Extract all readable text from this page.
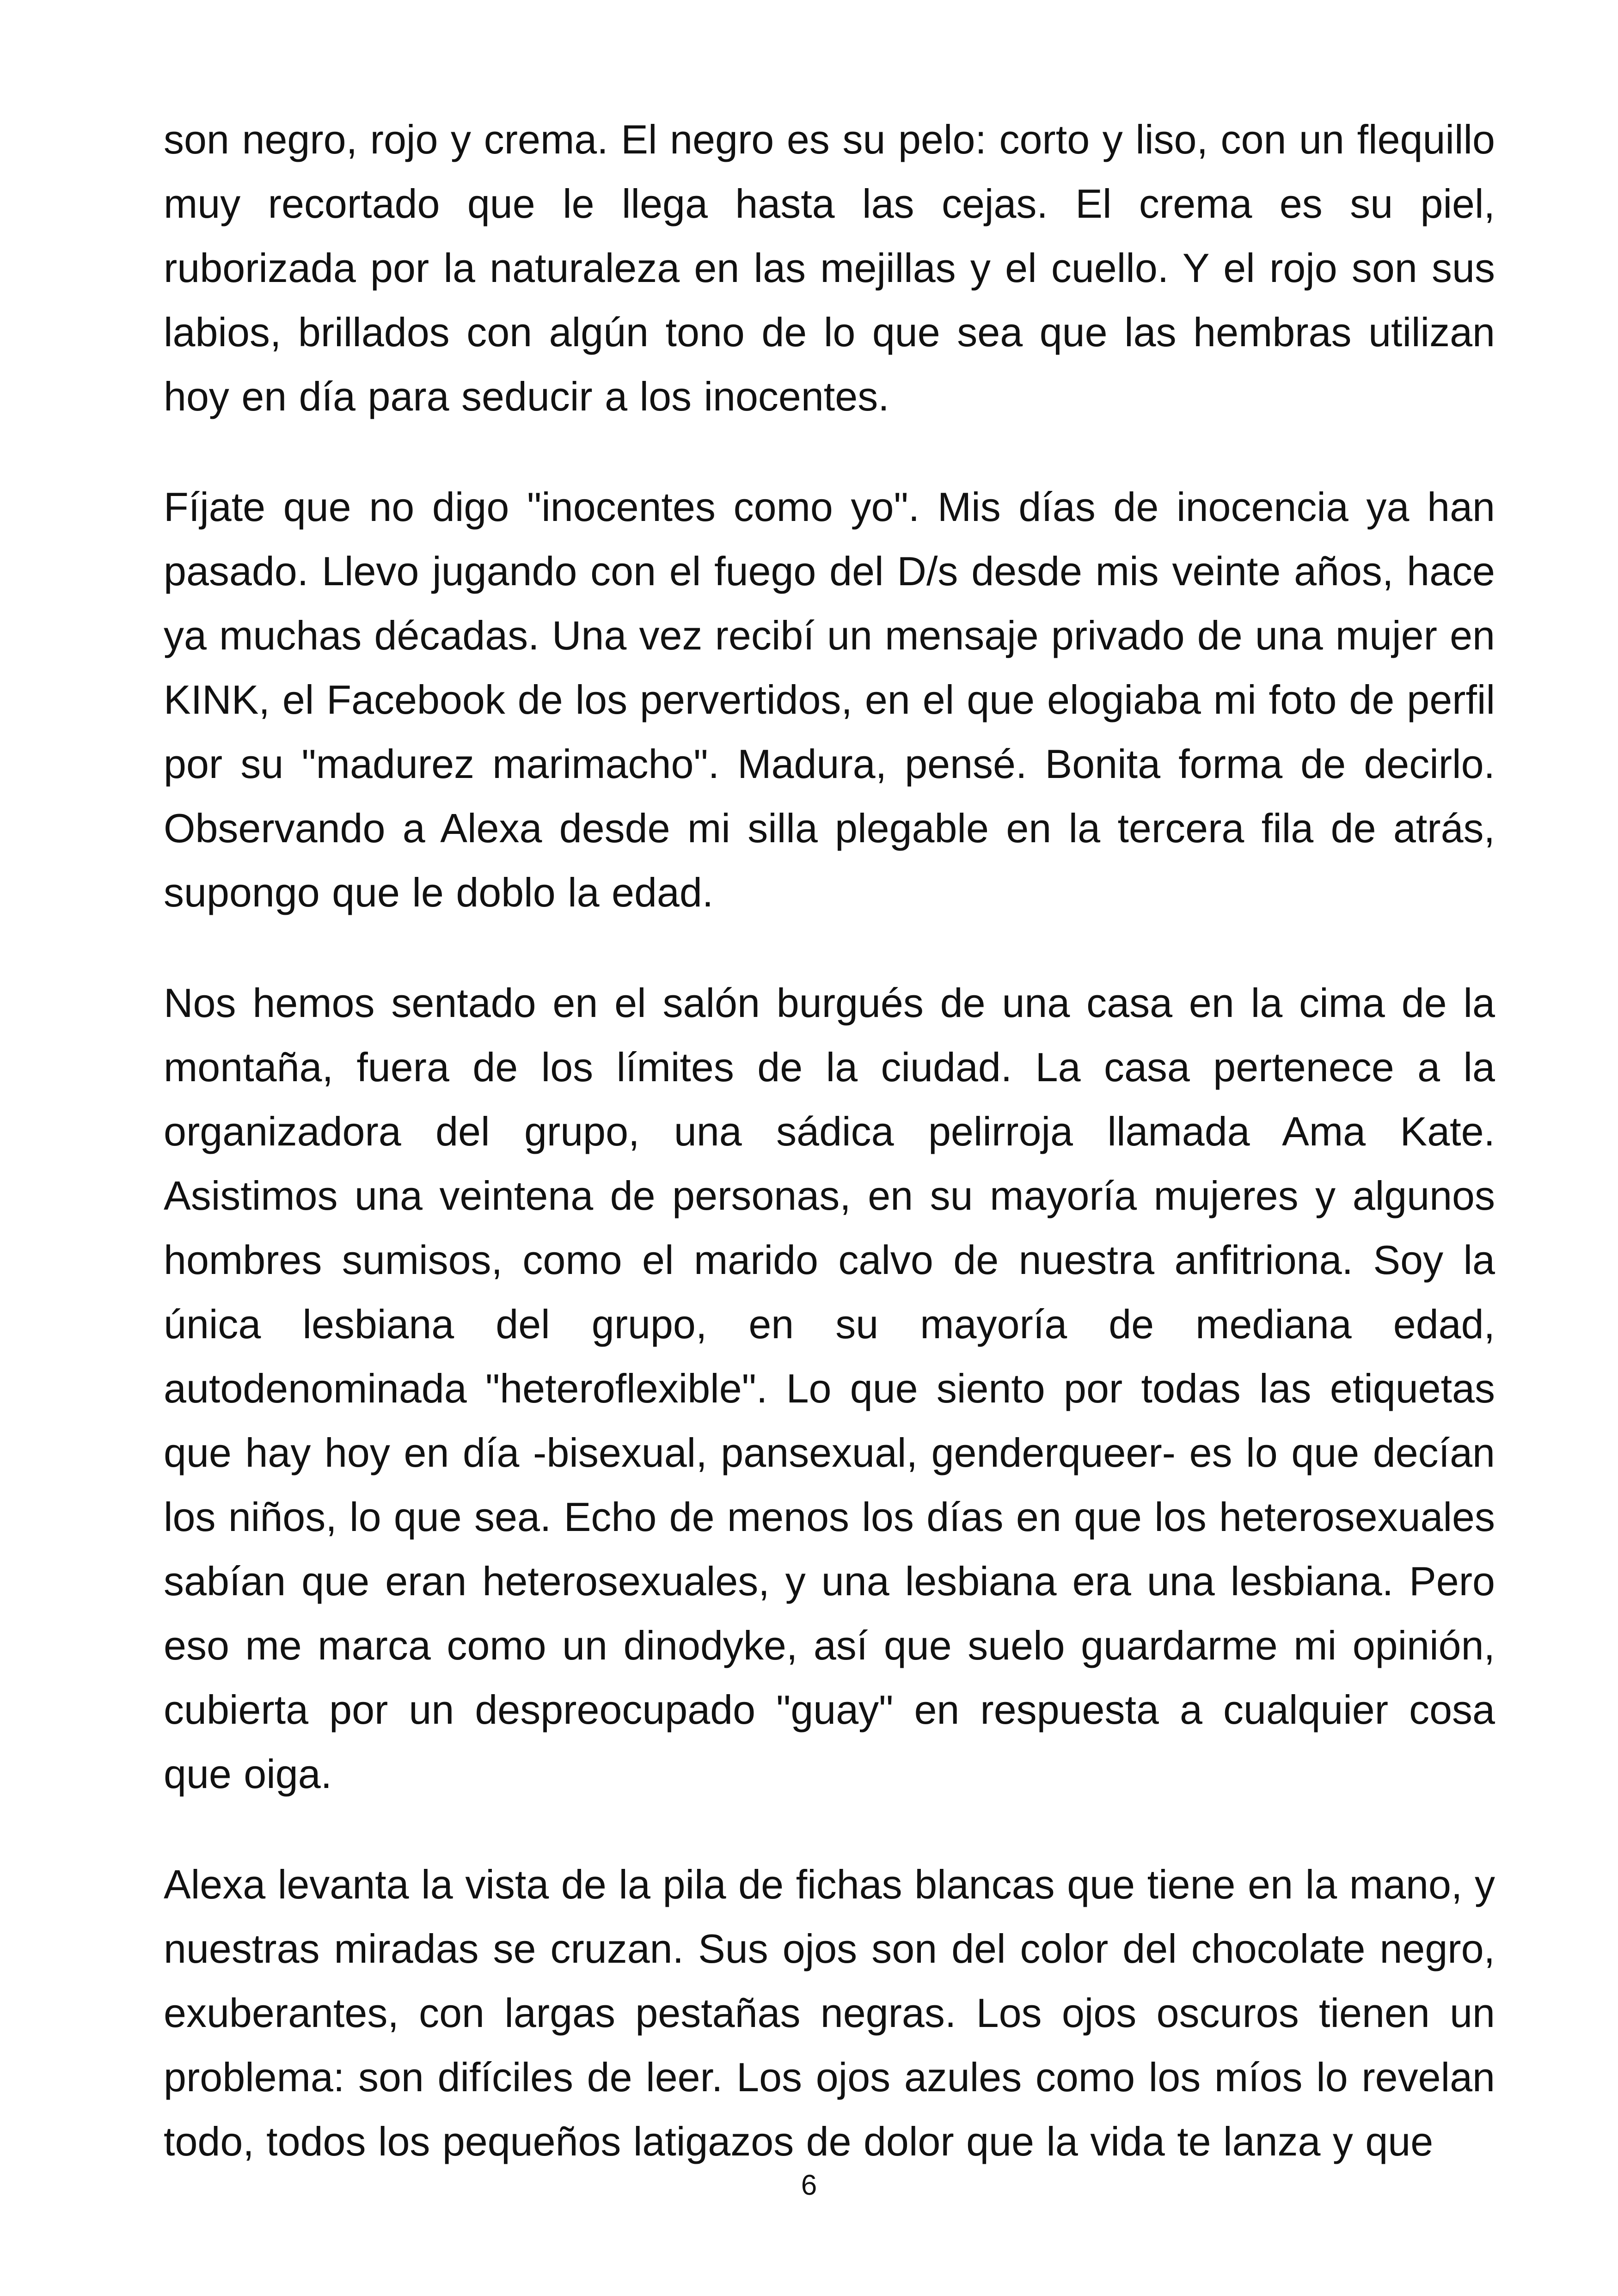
son negro, rojo y crema. El negro es su pelo: corto y liso, con un flequillo muy recortado que le llega hasta las cejas. El crema es su piel, ruborizada por la naturaleza en las mejillas y el cuello. Y el rojo son sus labios, brillados con algún tono de lo que sea que las hembras utilizan hoy en día para seducir a los inocentes.

Fíjate que no digo "inocentes como yo". Mis días de inocencia ya han pasado. Llevo jugando con el fuego del D/s desde mis veinte años, hace ya muchas décadas. Una vez recibí un mensaje privado de una mujer en KINK, el Facebook de los pervertidos, en el que elogiaba mi foto de perfil por su "madurez marimacho". Madura, pensé. Bonita forma de decirlo. Observando a Alexa desde mi silla plegable en la tercera fila de atrás, supongo que le doblo la edad.

Nos hemos sentado en el salón burgués de una casa en la cima de la montaña, fuera de los límites de la ciudad. La casa pertenece a la organizadora del grupo, una sádica pelirroja llamada Ama Kate. Asistimos una veintena de personas, en su mayoría mujeres y algunos hombres sumisos, como el marido calvo de nuestra anfitriona. Soy la única lesbiana del grupo, en su mayoría de mediana edad, autodenominada "heteroflexible". Lo que siento por todas las etiquetas que hay hoy en día -bisexual, pansexual, genderqueer- es lo que decían los niños, lo que sea. Echo de menos los días en que los heterosexuales sabían que eran heterosexuales, y una lesbiana era una lesbiana. Pero eso me marca como un dinodyke, así que suelo guardarme mi opinión, cubierta por un despreocupado "guay" en respuesta a cualquier cosa que oiga.

Alexa levanta la vista de la pila de fichas blancas que tiene en la mano, y nuestras miradas se cruzan. Sus ojos son del color del chocolate negro, exuberantes, con largas pestañas negras. Los ojos oscuros tienen un problema: son difíciles de leer. Los ojos azules como los míos lo revelan todo, todos los pequeños latigazos de dolor que la vida te lanza y que

6
